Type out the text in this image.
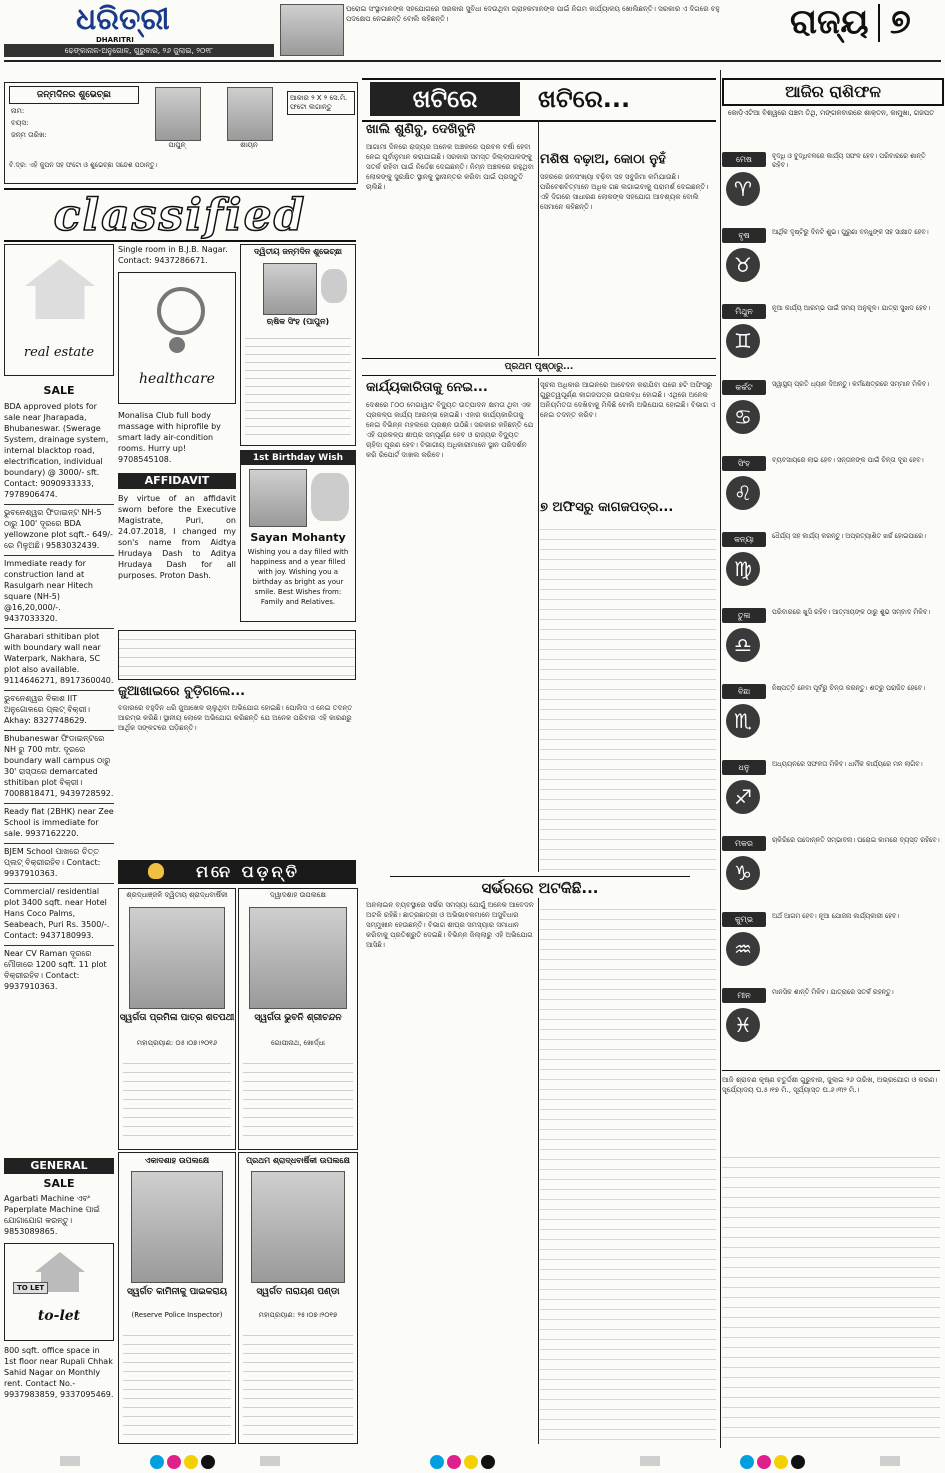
ଧରିତ୍ରୀ
DHARITRI
ଢେଙ୍କାନାଳ-ଅନୁଗୋଳ, ଗୁରୁବାର, ୨୬ ଜୁଲାଇ, ୨୦୧୮
ଘରୋଇ ସଂସ୍ଥାମାନଙ୍କ ସହଯୋଗରେ ସରକାର ସୁବିଧା ଦେଉଥିବା ଗ୍ରାହକମାନଙ୍କ ପାଇଁ ନିଗମ କାର୍ଯ୍ୟାଳୟ ଖୋଲିଛନ୍ତି। ସରକାର ଏ ଦିଗରେ ବହୁ ପଦକ୍ଷେପ ନେଇଛନ୍ତି ବୋଲି କହିଛନ୍ତି।	ରାଜ୍ୟ ୭
ଜନ୍ମଦିନର ଶୁଭେଚ୍ଛା
ନାମ:
ବୟସ:
ଜନ୍ମ ତାରିଖ:
ପାପୁନ୍	ଶାୟନ
ଆକାର ୨ X ୨ ସେ.ମି. ଫଟୋ ଲଗାନ୍ତୁ
ବି.ଦ୍ର: ଏହି କୁପନ ସହ ଫଟୋ ଓ ଶୁଭେଚ୍ଛା ସନ୍ଦେଶ ପଠାନ୍ତୁ।
classified
real estate
SALE
BDA approved plots for sale near Jharapada, Bhubaneswar. (Swerage System, drainage system, internal blacktop road, electrification, individual boundary) @ 3000/- sft. Contact: 9090933333, 7978906474.
ଭୁବନେଶ୍ୱର ଫିଡାଇନ୍ଟ NH-5 ଠାରୁ 100' ଦୂରରେ BDA yellowzone plot sqft.- 649/-ରେ ମିଳୁଅଛି। 9583032439.
Immediate ready for construction land at Rasulgarh near Hitech square (NH-5) @16,20,000/-. 9437033320.
Gharabari sthitiban plot with boundary wall near Waterpark, Nakhara, SC plot also available. 9114646271, 8917360040.
ଭୁବନେଶ୍ୱର ବିକାଶ IIT ଅନୁଗୋଳରେ ପ୍ଲଟ୍ ବିକ୍ରୀ। Akhay: 8327748629.
Bhubaneswar ଫିଡାଇନ୍ଟରେ NH ରୁ 700 mtr. ଦୂରରେ boundary wall campus ଠାରୁ 30' ରାସ୍ତାରେ demarcated sthitiban plot ବିକ୍ରୀ। 7008818471, 9439728592.
Ready flat (2BHK) near Zee School is immediate for sale. 9937162220.
BJEM School ପାଖରେ ଚିତ୍ତ ପ୍ଲଟ୍ ବିକ୍ରୀରହିବ। Contact: 9937910363.
Commercial/ residential plot 3400 sqft. near Hotel Hans Coco Palms, Seabeach, Puri Rs. 3500/-. Contact: 9437180993.
Near CV Raman ଦୂରରେ ମୌଜାରେ 1200 sqft. 11 plot ବିକ୍ରୀରହିବ। Contact: 9937910363.
GENERAL
SALE
Agarbati Machine ଏବଂ Paperplate Machine ପାଇଁ ଯୋଗାଯୋଗ କରନ୍ତୁ। 9853089865.
TO LET
to-let
800 sqft. office space in 1st floor near Rupali Chhak Sahid Nagar on Monthly rent. Contact No.- 9937983859, 9337095469.
Single room in B.J.B. Nagar. Contact: 9437286671.
healthcare
Monalisa Club full body massage with hiprofile by smart lady air-condition rooms. Hurry up! 9708545108.
AFFIDAVIT
By virtue of an affidavit sworn before the Executive Magistrate, Puri, on 24.07.2018, I changed my son's name from Aidtya Hrudaya Dash to Aditya Hrudaya Dash for all purposes. Proton Dash.
ଦ୍ୱିତୀୟ ଜନ୍ମଦିନ ଶୁଭେଚ୍ଛା
ଋଷିକ ସିଂହ (ପାପୁନ)
1st Birthday Wish
Sayan Mohanty
Wishing you a day filled with happiness and a year filled with joy. Wishing you a birthday as bright as your smile. Best Wishes from: Family and Relatives.
ଜୁଆଖାଇରେ ବୁଡ଼ିଗଲେ...
ବଜାରରେ ବହୁଦିନ ଧରି ଜୁଆଖେଳ ଚାଲୁଥିବା ଅଭିଯୋଗ ହୋଇଛି। ପୋଲିସ ଏ ନେଇ ତଦନ୍ତ ଆରମ୍ଭ କରିଛି। ସ୍ଥାନୀୟ ଲୋକେ ଅଭିଯୋଗ କରିଛନ୍ତି ଯେ ଅନେକ ପରିବାର ଏହି କାରଣରୁ ଆର୍ଥିକ ସଙ୍କଟରେ ପଡ଼ିଛନ୍ତି।
ମନେ ପଡ଼ନ୍ତି
ଶ୍ରଦ୍ଧାଞ୍ଜଳି ଦ୍ୱିତୀୟ ଶ୍ରାଦ୍ଧବାର୍ଷିକୀ
ସ୍ୱର୍ଗତା ପ୍ରମିଳା ପାତ୍ର ଶତପଥୀ
ମହାପ୍ରୟାଣ: ୦୫।୦୭।୨୦୧୬
ଦ୍ୱାଦଶାହ ଉପଲକ୍ଷେ
ସ୍ୱର୍ଗତା ଭୁବନି ଶ୍ରୀଚନ୍ଦନ
ଗୋପୀନାଥ, ଖୋର୍ଦ୍ଧା
ଏକାଦଶାହ ଉପଲକ୍ଷେ
ସ୍ୱର୍ଗତ କାମିନୀକୁ ପାଇକରାୟ
(Reserve Police Inspector)
ପ୍ରଥମ ଶ୍ରାଦ୍ଧବାର୍ଷିକୀ ଉପଲକ୍ଷେ
ସ୍ୱର୍ଗତ ନାରାୟଣ ପଣ୍ଡା
ମହାପ୍ରୟାଣ: ୨୫।୦୭।୨୦୧୭
ଖଟିରେ	ଖଟିରେ...
ଖାଲି ଶୁଣିବୁ, ଦେଖିବୁନି
ଆଗାମୀ ଦିନରେ ରାଜ୍ୟର ଅନେକ ଅଞ୍ଚଳରେ ପ୍ରବଳ ବର୍ଷା ହେବା ନେଇ ପୂର୍ବାନୁମାନ କରାଯାଇଛି। ସରକାର ସମସ୍ତ ଜିଲ୍ଲାପାଳଙ୍କୁ ସତର୍କ ରହିବା ପାଇଁ ନିର୍ଦ୍ଦେଶ ଦେଇଛନ୍ତି। ନିମ୍ନ ଅଞ୍ଚଳରେ ରହୁଥିବା ଲୋକଙ୍କୁ ସୁରକ୍ଷିତ ସ୍ଥାନକୁ ସ୍ଥାନାନ୍ତର କରିବା ପାଇଁ ପ୍ରସ୍ତୁତି ଚାଲିଛି।
ମଶିଷ ବଢ଼ାଅ, କୋଠା ନୁହଁ
ସହରରେ ଜନସଂଖ୍ୟା ବଢ଼ିବା ସହ ସବୁଜିମା କମିଯାଉଛି। ପରିବେଶବିତ୍ମାନେ ଅଧିକ ଗଛ ଲଗାଇବାକୁ ପରାମର୍ଶ ଦେଇଛନ୍ତି। ଏହି ଦିଗରେ ସାଧାରଣ ଲୋକଙ୍କ ସହଯୋଗ ଆବଶ୍ୟକ ବୋଲି ସେମାନେ କହିଛନ୍ତି।
ପ୍ରଥମ ପୃଷ୍ଠାରୁ...
କାର୍ଯ୍ୟକାରିତାକୁ ନେଇ...
ଦେଶରେ ୮୦୦ ମେଗାୱାଟ ବିଦ୍ୟୁତ ଉତ୍ପାଦନ କ୍ଷମତା ଥିବା ଏକ ପ୍ରକଳ୍ପ କାର୍ଯ୍ୟ ଆରମ୍ଭ ହୋଇଛି। ଏହାର କାର୍ଯ୍ୟକାରିତାକୁ ନେଇ ବିଭିନ୍ନ ମହଲରେ ପ୍ରଶ୍ନ ଉଠିଛି। ସରକାର କହିଛନ୍ତି ଯେ ଏହି ପ୍ରକଳ୍ପ ଶୀଘ୍ର ସମ୍ପୂର୍ଣ୍ଣ ହେବ ଓ ରାଜ୍ୟର ବିଦ୍ୟୁତ ଚାହିଦା ପୂରଣ ହେବ। ବିଭାଗୀୟ ଅଧିକାରୀମାନେ ସ୍ଥାନ ପରିଦର୍ଶନ କରି ରିପୋର୍ଟ ଦାଖଲ କରିବେ।
୭ ଅଫିସରୁ କାଗଜପତ୍ର...
ସୂଚନା ଅଧିକାର ଆଇନରେ ଆବେଦନ କରାଯିବା ପରେ ୭ଟି ଅଫିସରୁ ଗୁରୁତ୍ୱପୂର୍ଣ୍ଣ କାଗଜପତ୍ର ଉପଲବ୍ଧ ହୋଇଛି। ଏଥିରେ ଅନେକ ଅନିୟମିତତା ଦେଖିବାକୁ ମିଳିଛି ବୋଲି ଅଭିଯୋଗ ହୋଇଛି। ବିଭାଗ ଏ ନେଇ ତଦନ୍ତ କରିବ।
ସର୍ଭରରେ ଅଟକିଛି...
ଅନଲାଇନ ବ୍ୟବସ୍ଥାରେ ସର୍ଭର ସମସ୍ୟା ଯୋଗୁଁ ଅନେକ ଆବେଦନ ଅଟକି ରହିଛି। ଛାତ୍ରଛାତ୍ରୀ ଓ ଅଭିଭାବକମାନେ ଅସୁବିଧାର ସମ୍ମୁଖୀନ ହେଉଛନ୍ତି। ବିଭାଗ ଶୀଘ୍ର ସମସ୍ୟାର ସମାଧାନ କରିବାକୁ ପ୍ରତିଶ୍ରୁତି ଦେଇଛି। ବିଭିନ୍ନ ଜିଲ୍ଲାରୁ ଏହି ଅଭିଯୋଗ ଆସିଛି।
ଆଜିର ରାଶିଫଳ
କୋଡ଼ିଏଟିଆ ବିଶ୍ୱରେ ପଞ୍ଚମ ତିଥି, ମଙ୍ଗଳବାରରେ ଶାକ୍ତନ, କାମୁଖା, ଗଜପତ
ମେଷ
♈
ବୃଦ୍ଧି ଓ ବୁଦ୍ଧିବଳରେ କାର୍ଯ୍ୟ ସଫଳ ହେବ। ପରିବାରରେ ଶାନ୍ତି ରହିବ।
ବୃଷ
♉
ଆର୍ଥିକ ଦୃଷ୍ଟିରୁ ଦିନଟି ଶୁଭ। ପୁରୁଣା ବନ୍ଧୁଙ୍କ ସହ ସାକ୍ଷାତ ହେବ।
ମିଥୁନ
♊
ନୂଆ କାର୍ଯ୍ୟ ଆରମ୍ଭ ପାଇଁ ସମୟ ଅନୁକୂଳ। ଯାତ୍ରା ସୁଖଦ ହେବ।
କର୍କଟ
♋
ସ୍ୱାସ୍ଥ୍ୟ ପ୍ରତି ଧ୍ୟାନ ଦିଅନ୍ତୁ। କର୍ମକ୍ଷେତ୍ରରେ ସମ୍ମାନ ମିଳିବ।
ସିଂହ
♌
ବ୍ୟବସାୟରେ ଲାଭ ହେବ। ସନ୍ତାନଙ୍କ ପାଇଁ ଚିନ୍ତା ଦୂର ହେବ।
କନ୍ୟା
♍
ଧୈର୍ଯ୍ୟ ସହ କାର୍ଯ୍ୟ କରନ୍ତୁ। ଅପ୍ରତ୍ୟାଶିତ ଖର୍ଚ୍ଚ ହୋଇପାରେ।
ତୁଳା
♎
ପରିବାରରେ ଖୁସି ରହିବ। ଆତ୍ମୀୟଙ୍କ ଠାରୁ ଶୁଭ ସମ୍ବାଦ ମିଳିବ।
ବିଛା
♏
ନିଷ୍ପତ୍ତି ନେବା ପୂର୍ବରୁ ଚିନ୍ତା କରନ୍ତୁ। ଶତ୍ରୁ ପରାଜିତ ହେବେ।
ଧନୁ
♐
ଅଧ୍ୟୟନରେ ସଫଳତା ମିଳିବ। ଧାର୍ମିକ କାର୍ଯ୍ୟରେ ମନ ଲାଗିବ।
ମକର
♑
ଚାକିରିରେ ପଦୋନ୍ନତି ସମ୍ଭାବନା। ଘରୋଇ କାମରେ ବ୍ୟସ୍ତ ରହିବେ।
କୁମ୍ଭ
♒
ଅର୍ଥ ଆଗମ ହେବ। ନୂଆ ଯୋଜନା କାର୍ଯ୍ୟକାରୀ ହେବ।
ମୀନ
♓
ମାନସିକ ଶାନ୍ତି ମିଳିବ। ଯାତ୍ରାରେ ସତର୍କ ରହନ୍ତୁ।
ଆଜି ଶ୍ରାବଣ କୃଷ୍ଣ ଚତୁର୍ଦ୍ଦଶୀ ଗୁରୁବାର, ଜୁଲାଇ ୨୬ ତାରିଖ, ଅଭ୍ରଯୋଗ ଓ କରଣ। ସୂର୍ଯ୍ୟୋଦୟ ଘ.୫।୧୭ ମି., ସୂର୍ଯ୍ୟାସ୍ତ ଘ.୬।୩୨ ମି.।
